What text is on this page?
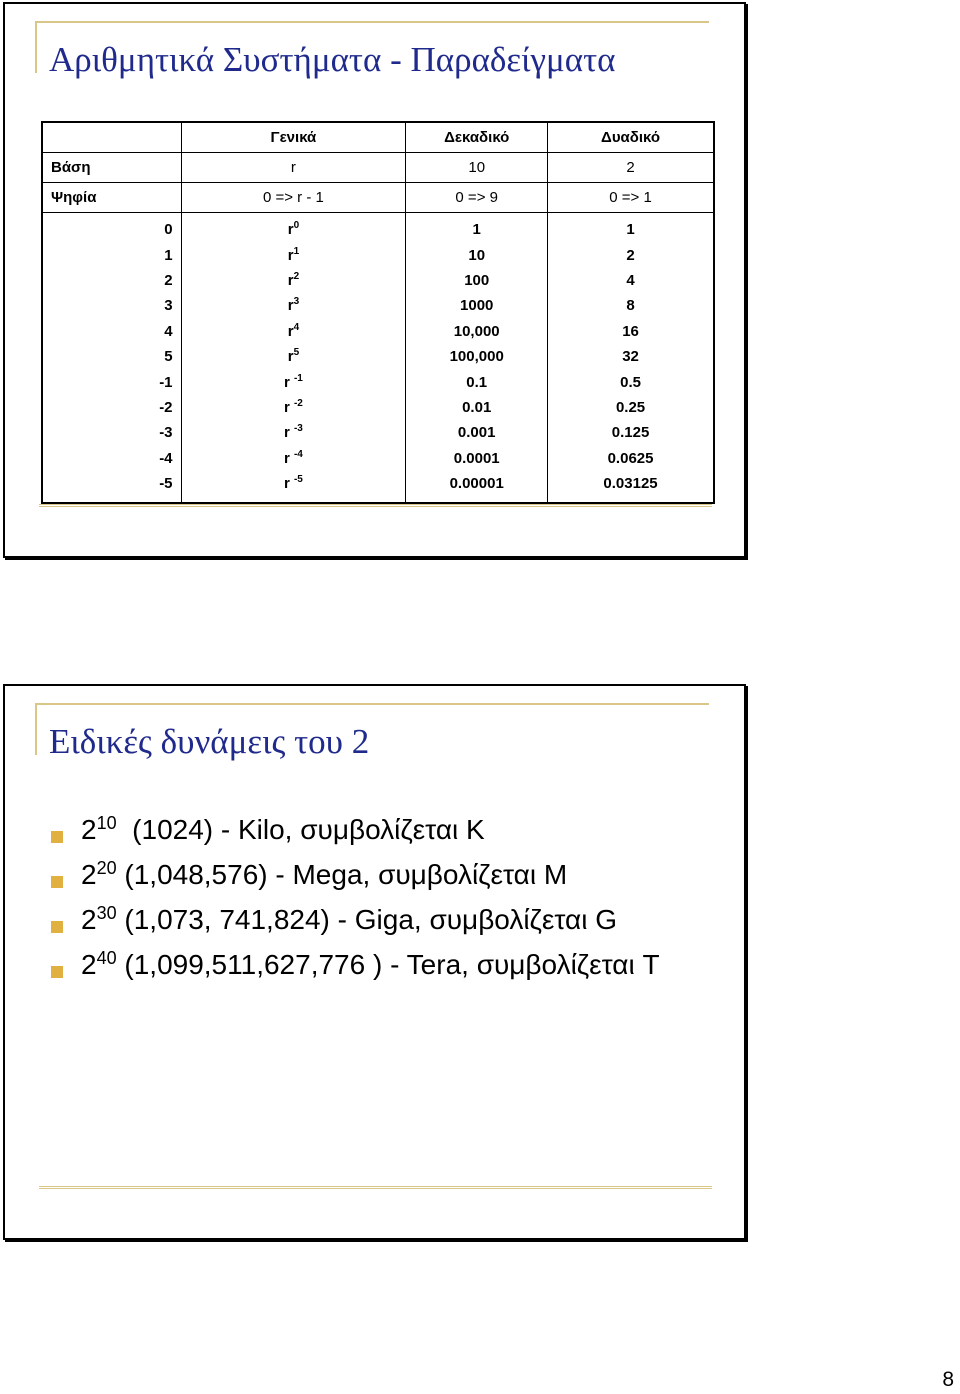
Αριθμητικά Συστήματα - Παραδείγματα
	Γενικά	Δεκαδικό	Δυαδικό
Βάση	r	10	2
Ψηφία	0 => r - 1	0 => 9	0 => 1
0	$r^0$	1	1
1	$r^1$	10	2
2	$r^2$	100	4
3	$r^3$	1000	8
4	$r^4$	10,000	16
5	$r^5$	100,000	32
-1	r $^{-1}$	0.1	0.5
-2	r $^{-2}$	0.01	0.25
-3	r $^{-3}$	0.001	0.125
-4	r $^{-4}$	0.0001	0.0625
-5	r $^{-5}$	0.00001	0.03125
Ειδικές δυνάμεις του 2
$2^{10}$  (1024) - Kilo, συμβολίζεται K
$2^{20}$ (1,048,576) - Mega, συμβολίζεται M
$2^{30}$ (1,073, 741,824) - Giga, συμβολίζεται G
$2^{40}$ (1,099,511,627,776 ) - Tera, συμβολίζεται T
8
